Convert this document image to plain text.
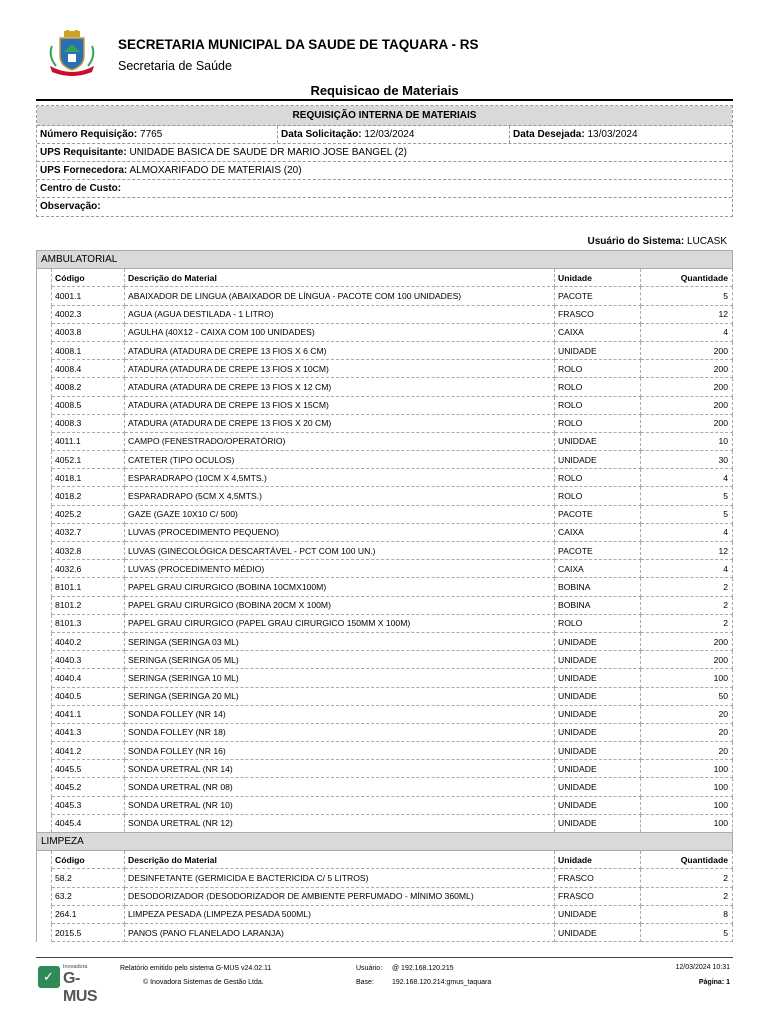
SECRETARIA MUNICIPAL DA SAUDE DE TAQUARA - RS
Secretaria de Saúde
Requisicao de Materiais
REQUISIÇÃO INTERNA DE MATERIAIS
Número Requisição: 7765	Data Solicitação: 12/03/2024	Data Desejada: 13/03/2024
UPS Requisitante: UNIDADE BASICA DE SAUDE DR MARIO JOSE BANGEL (2)
UPS Fornecedora: ALMOXARIFADO DE MATERIAIS (20)
Centro de Custo:
Observação:
Usuário do Sistema: LUCASK
AMBULATORIAL				
	Código	Descrição do Material	Unidade	Quantidade
	4001.1	ABAIXADOR DE LINGUA (ABAIXADOR DE LÍNGUA - PACOTE COM 100 UNIDADES)	PACOTE	5
	4002.3	AGUA (AGUA DESTILADA - 1 LITRO)	FRASCO	12
	4003.8	AGULHA (40X12 - CAIXA COM 100 UNIDADES)	CAIXA	4
	4008.1	ATADURA (ATADURA DE CREPE 13 FIOS X 6 CM)	UNIDADE	200
	4008.4	ATADURA (ATADURA DE CREPE 13 FIOS X 10CM)	ROLO	200
	4008.2	ATADURA (ATADURA DE CREPE 13 FIOS X 12 CM)	ROLO	200
	4008.5	ATADURA (ATADURA DE CREPE 13 FIOS X 15CM)	ROLO	200
	4008.3	ATADURA (ATADURA DE CREPE 13 FIOS X 20 CM)	ROLO	200
	4011.1	CAMPO (FENESTRADO/OPERATÓRIO)	UNIDDAE	10
	4052.1	CATETER (TIPO OCULOS)	UNIDADE	30
	4018.1	ESPARADRAPO (10CM X 4,5MTS.)	ROLO	4
	4018.2	ESPARADRAPO (5CM X 4,5MTS.)	ROLO	5
	4025.2	GAZE (GAZE 10X10 C/ 500)	PACOTE	5
	4032.7	LUVAS (PROCEDIMENTO PEQUENO)	CAIXA	4
	4032.8	LUVAS (GINECOLÓGICA DESCARTÁVEL - PCT COM 100 UN.)	PACOTE	12
	4032.6	LUVAS (PROCEDIMENTO MÉDIO)	CAIXA	4
	8101.1	PAPEL GRAU CIRURGICO (BOBINA 10CMX100M)	BOBINA	2
	8101.2	PAPEL GRAU CIRURGICO (BOBINA 20CM X 100M)	BOBINA	2
	8101.3	PAPEL GRAU CIRURGICO (PAPEL GRAU CIRURGICO 150MM X 100M)	ROLO	2
	4040.2	SERINGA (SERINGA 03 ML)	UNIDADE	200
	4040.3	SERINGA (SERINGA 05 ML)	UNIDADE	200
	4040.4	SERINGA (SERINGA 10 ML)	UNIDADE	100
	4040.5	SERINGA (SERINGA 20 ML)	UNIDADE	50
	4041.1	SONDA FOLLEY (NR 14)	UNIDADE	20
	4041.3	SONDA FOLLEY (NR 18)	UNIDADE	20
	4041.2	SONDA FOLLEY (NR 16)	UNIDADE	20
	4045.5	SONDA URETRAL (NR 14)	UNIDADE	100
	4045.2	SONDA URETRAL (NR 08)	UNIDADE	100
	4045.3	SONDA URETRAL (NR 10)	UNIDADE	100
	4045.4	SONDA URETRAL (NR 12)	UNIDADE	100
LIMPEZA				
	Código	Descrição do Material	Unidade	Quantidade
	58.2	DESINFETANTE (GERMICIDA E BACTERICIDA C/ 5 LITROS)	FRASCO	2
	63.2	DESODORIZADOR (DESODORIZADOR DE AMBIENTE PERFUMADO - MÍNIMO 360ML)	FRASCO	2
	264.1	LIMPEZA PESADA (LIMPEZA PESADA 500ML)	UNIDADE	8
	2015.5	PANOS (PANO FLANELADO LARANJA)	UNIDADE	5
✓
Inovadora
G-MUS
Relatório emitido pelo sistema G-MUS v24.02.11
© Inovadora Sistemas de Gestão Ltda.
Usuário: @ 192.168.120.215
Base:	192.168.120.214:gmus_taquara
12/03/2024 10:31
Página: 1
